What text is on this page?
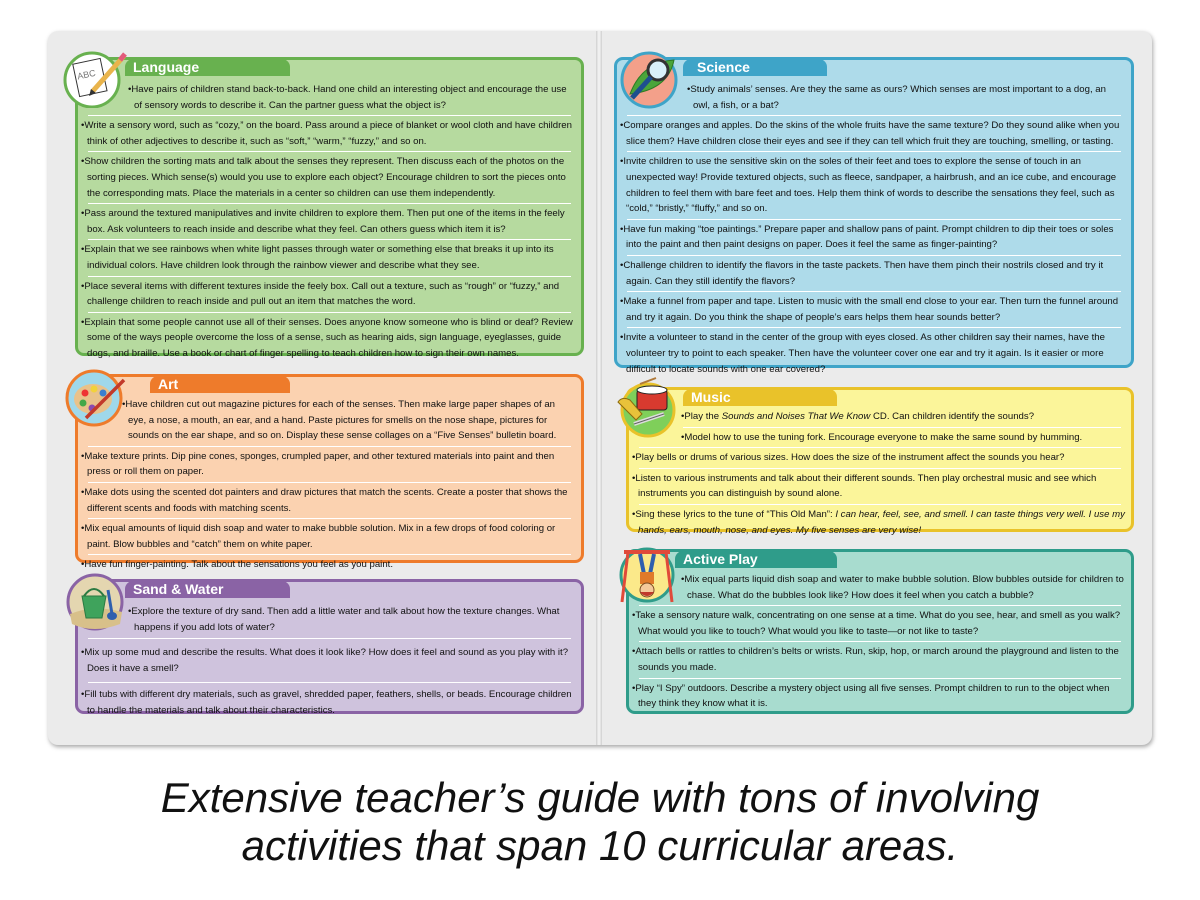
Language
• Have pairs of children stand back-to-back. Hand one child an interesting object and encourage the use of sensory words to describe it. Can the partner guess what the object is?
• Write a sensory word, such as “cozy,” on the board. Pass around a piece of blanket or wool cloth and have children think of other adjectives to describe it, such as “soft,” “warm,” “fuzzy,” and so on.
• Show children the sorting mats and talk about the senses they represent. Then discuss each of the photos on the sorting pieces. Which sense(s) would you use to explore each object? Encourage children to sort the pieces onto the corresponding mats. Place the materials in a center so children can use them independently.
• Pass around the textured manipulatives and invite children to explore them. Then put one of the items in the feely box. Ask volunteers to reach inside and describe what they feel. Can others guess which item it is?
• Explain that we see rainbows when white light passes through water or something else that breaks it up into its individual colors. Have children look through the rainbow viewer and describe what they see.
• Place several items with different textures inside the feely box. Call out a texture, such as “rough” or “fuzzy,” and challenge children to reach inside and pull out an item that matches the word.
• Explain that some people cannot use all of their senses. Does anyone know someone who is blind or deaf? Review some of the ways people overcome the loss of a sense, such as hearing aids, sign language, eyeglasses, guide dogs, and braille. Use a book or chart of finger spelling to teach children how to sign their own names.
ABC
Art
• Have children cut out magazine pictures for each of the senses. Then make large paper shapes of an eye, a nose, a mouth, an ear, and a hand. Paste pictures for smells on the nose shape, pictures for sounds on the ear shape, and so on. Display these sense collages on a “Five Senses” bulletin board.
• Make texture prints. Dip pine cones, sponges, crumpled paper, and other textured materials into paint and then press or roll them on paper.
• Make dots using the scented dot painters and draw pictures that match the scents. Create a poster that shows the different scents and foods with matching scents.
• Mix equal amounts of liquid dish soap and water to make bubble solution. Mix in a few drops of food coloring or paint. Blow bubbles and “catch” them on white paper.
• Have fun finger-painting. Talk about the sensations you feel as you paint.
Sand & Water
• Explore the texture of dry sand. Then add a little water and talk about how the texture changes. What happens if you add lots of water?
• Mix up some mud and describe the results. What does it look like? How does it feel and sound as you play with it? Does it have a smell?
• Fill tubs with different dry materials, such as gravel, shredded paper, feathers, shells, or beads. Encourage children to handle the materials and talk about their characteristics.
Science
• Study animals’ senses. Are they the same as ours? Which senses are most important to a dog, an owl, a fish, or a bat?
• Compare oranges and apples. Do the skins of the whole fruits have the same texture? Do they sound alike when you slice them? Have children close their eyes and see if they can tell which fruit they are touching, smelling, or tasting.
• Invite children to use the sensitive skin on the soles of their feet and toes to explore the sense of touch in an unexpected way! Provide textured objects, such as fleece, sandpaper, a hairbrush, and an ice cube, and encourage children to feel them with bare feet and toes. Help them think of words to describe the sensations they feel, such as “cold,” “bristly,” “fluffy,” and so on.
• Have fun making “toe paintings.” Prepare paper and shallow pans of paint. Prompt children to dip their toes or soles into the paint and then paint designs on paper. Does it feel the same as finger-painting?
• Challenge children to identify the flavors in the taste packets. Then have them pinch their nostrils closed and try it again. Can they still identify the flavors?
• Make a funnel from paper and tape. Listen to music with the small end close to your ear. Then turn the funnel around and try it again. Do you think the shape of people’s ears helps them hear sounds better?
• Invite a volunteer to stand in the center of the group with eyes closed. As other children say their names, have the volunteer try to point to each speaker. Then have the volunteer cover one ear and try it again. Is it easier or more difficult to locate sounds with one ear covered?
Music
• Play the Sounds and Noises That We Know CD. Can children identify the sounds?
• Model how to use the tuning fork. Encourage everyone to make the same sound by humming.
• Play bells or drums of various sizes. How does the size of the instrument affect the sounds you hear?
• Listen to various instruments and talk about their different sounds. Then play orchestral music and see which instruments you can distinguish by sound alone.
• Sing these lyrics to the tune of “This Old Man”: I can hear, feel, see, and smell. I can taste things very well. I use my hands, ears, mouth, nose, and eyes. My five senses are very wise!
Active Play
• Mix equal parts liquid dish soap and water to make bubble solution. Blow bubbles outside for children to chase. What do the bubbles look like? How does it feel when you catch a bubble?
• Take a sensory nature walk, concentrating on one sense at a time. What do you see, hear, and smell as you walk? What would you like to touch? What would you like to taste—or not like to taste?
• Attach bells or rattles to children’s belts or wrists. Run, skip, hop, or march around the playground and listen to the sounds you made.
• Play “I Spy” outdoors. Describe a mystery object using all five senses. Prompt children to run to the object when they think they know what it is.
Extensive teacher’s guide with tons of involving
activities that span 10 curricular areas.
